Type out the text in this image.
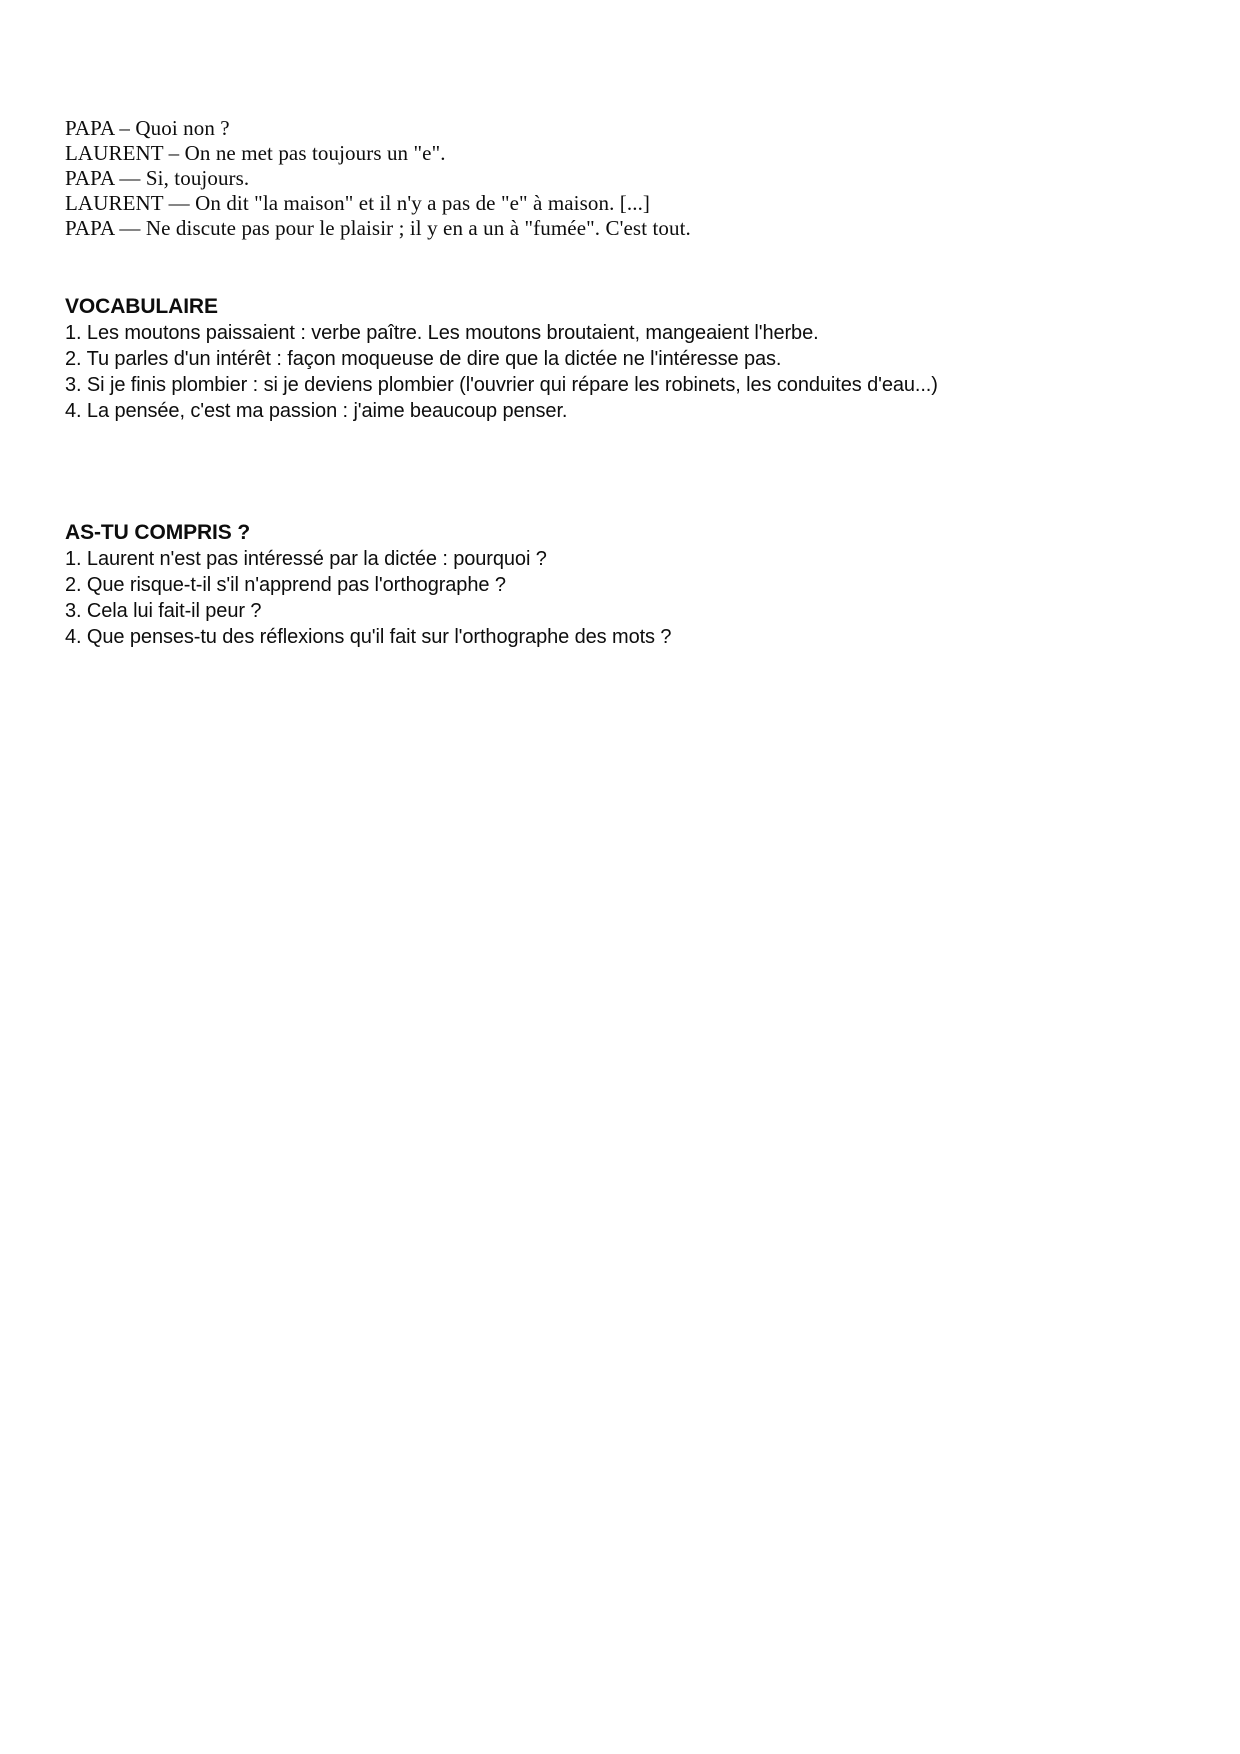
PAPA – Quoi non ?
LAURENT – On ne met pas toujours un "e".
PAPA — Si, toujours.
LAURENT — On dit "la maison" et il n'y a pas de "e" à maison. [...]
PAPA — Ne discute pas pour le plaisir ; il y en a un à "fumée". C'est tout.
VOCABULAIRE
1. Les moutons paissaient : verbe paître. Les moutons broutaient, mangeaient l'herbe.
2. Tu parles d'un intérêt : façon moqueuse de dire que la dictée ne l'intéresse pas.
3. Si je finis plombier : si je deviens plombier (l'ouvrier qui répare les robinets, les conduites d'eau...)
4. La pensée, c'est ma passion : j'aime beaucoup penser.
AS-TU COMPRIS ?
1. Laurent n'est pas intéressé par la dictée : pourquoi ?
2. Que risque-t-il s'il n'apprend pas l'orthographe ?
3. Cela lui fait-il peur ?
4. Que penses-tu des réflexions qu'il fait sur l'orthographe des mots ?
